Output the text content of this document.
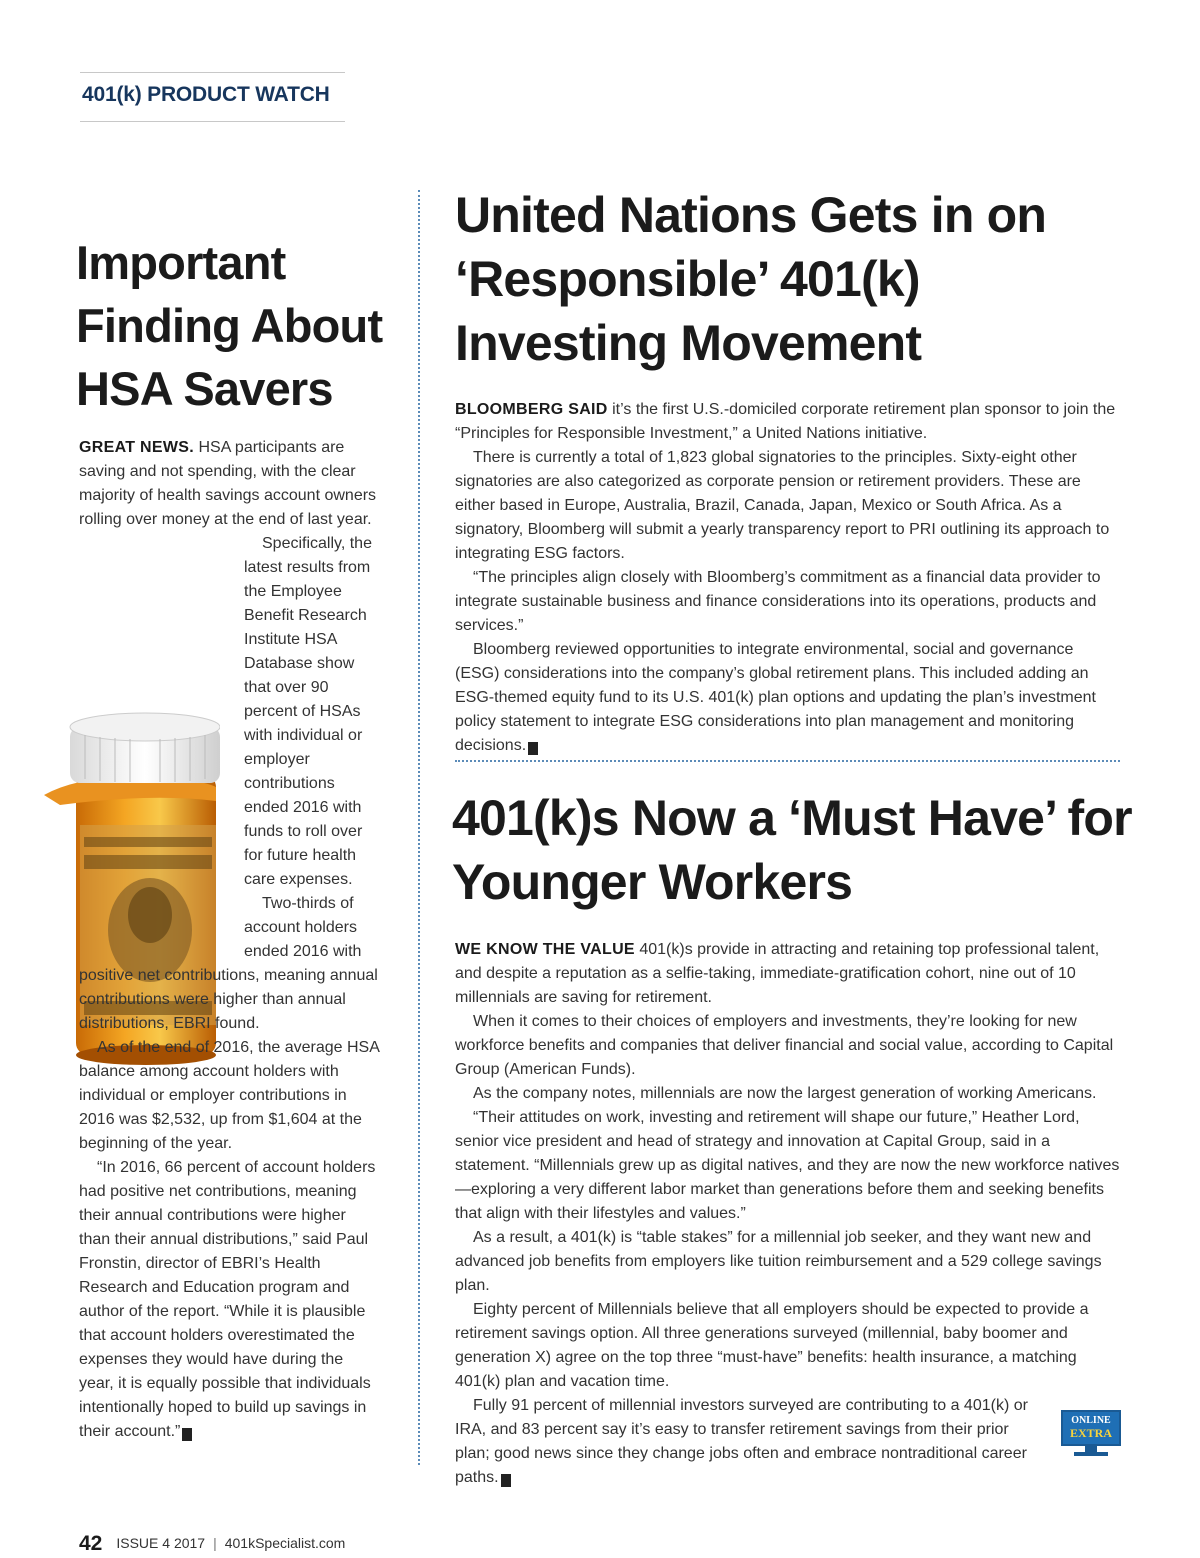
401(k) PRODUCT WATCH
Important Finding About HSA Savers

GREAT NEWS. HSA participants are saving and not spending, with the clear majority of health savings account owners rolling over money at the end of last year.

Specifically, the latest results from the Employee Benefit Research Institute HSA Database show that over 90 percent of HSAs with individual or employer contributions ended 2016 with funds to roll over for future health care expenses.

Two-thirds of account holders ended 2016 with positive net contributions, meaning annual contributions were higher than annual distributions, EBRI found.

As of the end of 2016, the average HSA balance among account holders with individual or employer contributions in 2016 was $2,532, up from $1,604 at the beginning of the year.

“In 2016, 66 percent of account holders had positive net contributions, meaning their annual contributions were higher than their annual distributions,” said Paul Fronstin, director of EBRI’s Health Research and Education program and author of the report. “While it is plausible that account holders overestimated the expenses they would have during the year, it is equally possible that individuals intentionally hoped to build up savings in their account.” K

United Nations Gets in on ‘Responsible’ 401(k) Investing Movement

BLOOMBERG SAID it’s the first U.S.-domiciled corporate retirement plan sponsor to join the “Principles for Responsible Investment,” a United Nations initiative.

There is currently a total of 1,823 global signatories to the principles. Sixty-eight other signatories are also categorized as corporate pension or retirement providers. These are either based in Europe, Australia, Brazil, Canada, Japan, Mexico or South Africa. As a signatory, Bloomberg will submit a yearly transparency report to PRI outlining its approach to integrating ESG factors.

“The principles align closely with Bloomberg’s commitment as a financial data provider to integrate sustainable business and finance considerations into its operations, products and services.”

Bloomberg reviewed opportunities to integrate environmental, social and governance (ESG) considerations into the company’s global retirement plans. This included adding an ESG-themed equity fund to its U.S. 401(k) plan options and updating the plan’s investment policy statement to integrate ESG considerations into plan management and monitoring decisions. K

401(k)s Now a ‘Must Have’ for Younger Workers

WE KNOW THE VALUE 401(k)s provide in attracting and retaining top professional talent, and despite a reputation as a selfie-taking, immediate-gratification cohort, nine out of 10 millennials are saving for retirement.

When it comes to their choices of employers and investments, they’re looking for new workforce benefits and companies that deliver financial and social value, according to Capital Group (American Funds).

As the company notes, millennials are now the largest generation of working Americans.

“Their attitudes on work, investing and retirement will shape our future,” Heather Lord, senior vice president and head of strategy and innovation at Capital Group, said in a statement. “Millennials grew up as digital natives, and they are now the new workforce natives—exploring a very different labor market than generations before them and seeking benefits that align with their lifestyles and values.”

As a result, a 401(k) is “table stakes” for a millennial job seeker, and they want new and advanced job benefits from employers like tuition reimbursement and a 529 college savings plan.

Eighty percent of Millennials believe that all employers should be expected to provide a retirement savings option. All three generations surveyed (millennial, baby boomer and generation X) agree on the top three “must-have” benefits: health insurance, a matching 401(k) plan and vacation time.

Fully 91 percent of millennial investors surveyed are contributing to a 401(k) or IRA, and 83 percent say it’s easy to transfer retirement savings from their prior plan; good news since they change jobs often and embrace nontraditional career paths. K

ONLINE
EXTRA
42 ISSUE 4 2017 | 401kSpecialist.com
